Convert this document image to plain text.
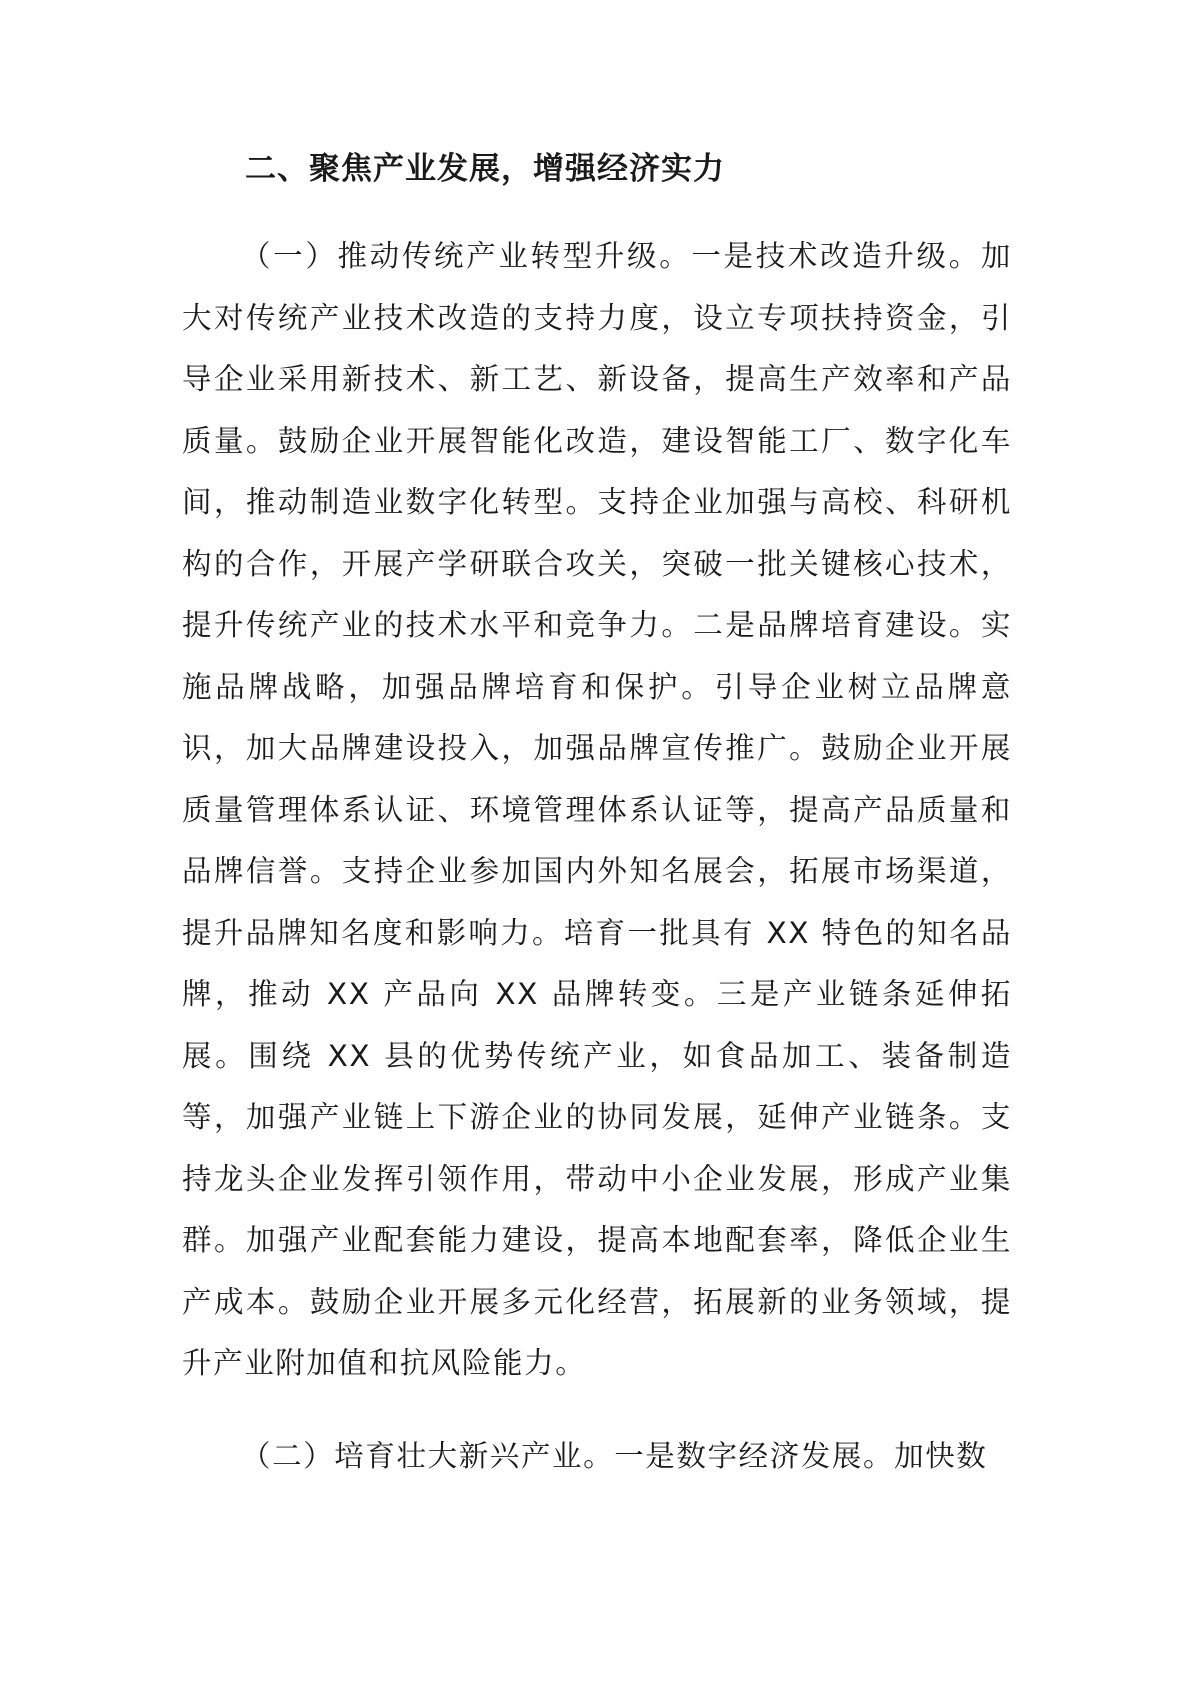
二、聚焦产业发展，增强经济实力

（一）推动传统产业转型升级。一是技术改造升级。加大对传统产业技术改造的支持力度，设立专项扶持资金，引导企业采用新技术、新工艺、新设备，提高生产效率和产品质量。鼓励企业开展智能化改造，建设智能工厂、数字化车间，推动制造业数字化转型。支持企业加强与高校、科研机构的合作，开展产学研联合攻关，突破一批关键核心技术，提升传统产业的技术水平和竞争力。二是品牌培育建设。实施品牌战略，加强品牌培育和保护。引导企业树立品牌意识，加大品牌建设投入，加强品牌宣传推广。鼓励企业开展质量管理体系认证、环境管理体系认证等，提高产品质量和品牌信誉。支持企业参加国内外知名展会，拓展市场渠道，提升品牌知名度和影响力。培育一批具有 XX 特色的知名品牌，推动 XX 产品向 XX 品牌转变。三是产业链条延伸拓展。围绕 XX 县的优势传统产业，如食品加工、装备制造等，加强产业链上下游企业的协同发展，延伸产业链条。支持龙头企业发挥引领作用，带动中小企业发展，形成产业集群。加强产业配套能力建设，提高本地配套率，降低企业生产成本。鼓励企业开展多元化经营，拓展新的业务领域，提升产业附加值和抗风险能力。

（二）培育壮大新兴产业。一是数字经济发展。加快数
